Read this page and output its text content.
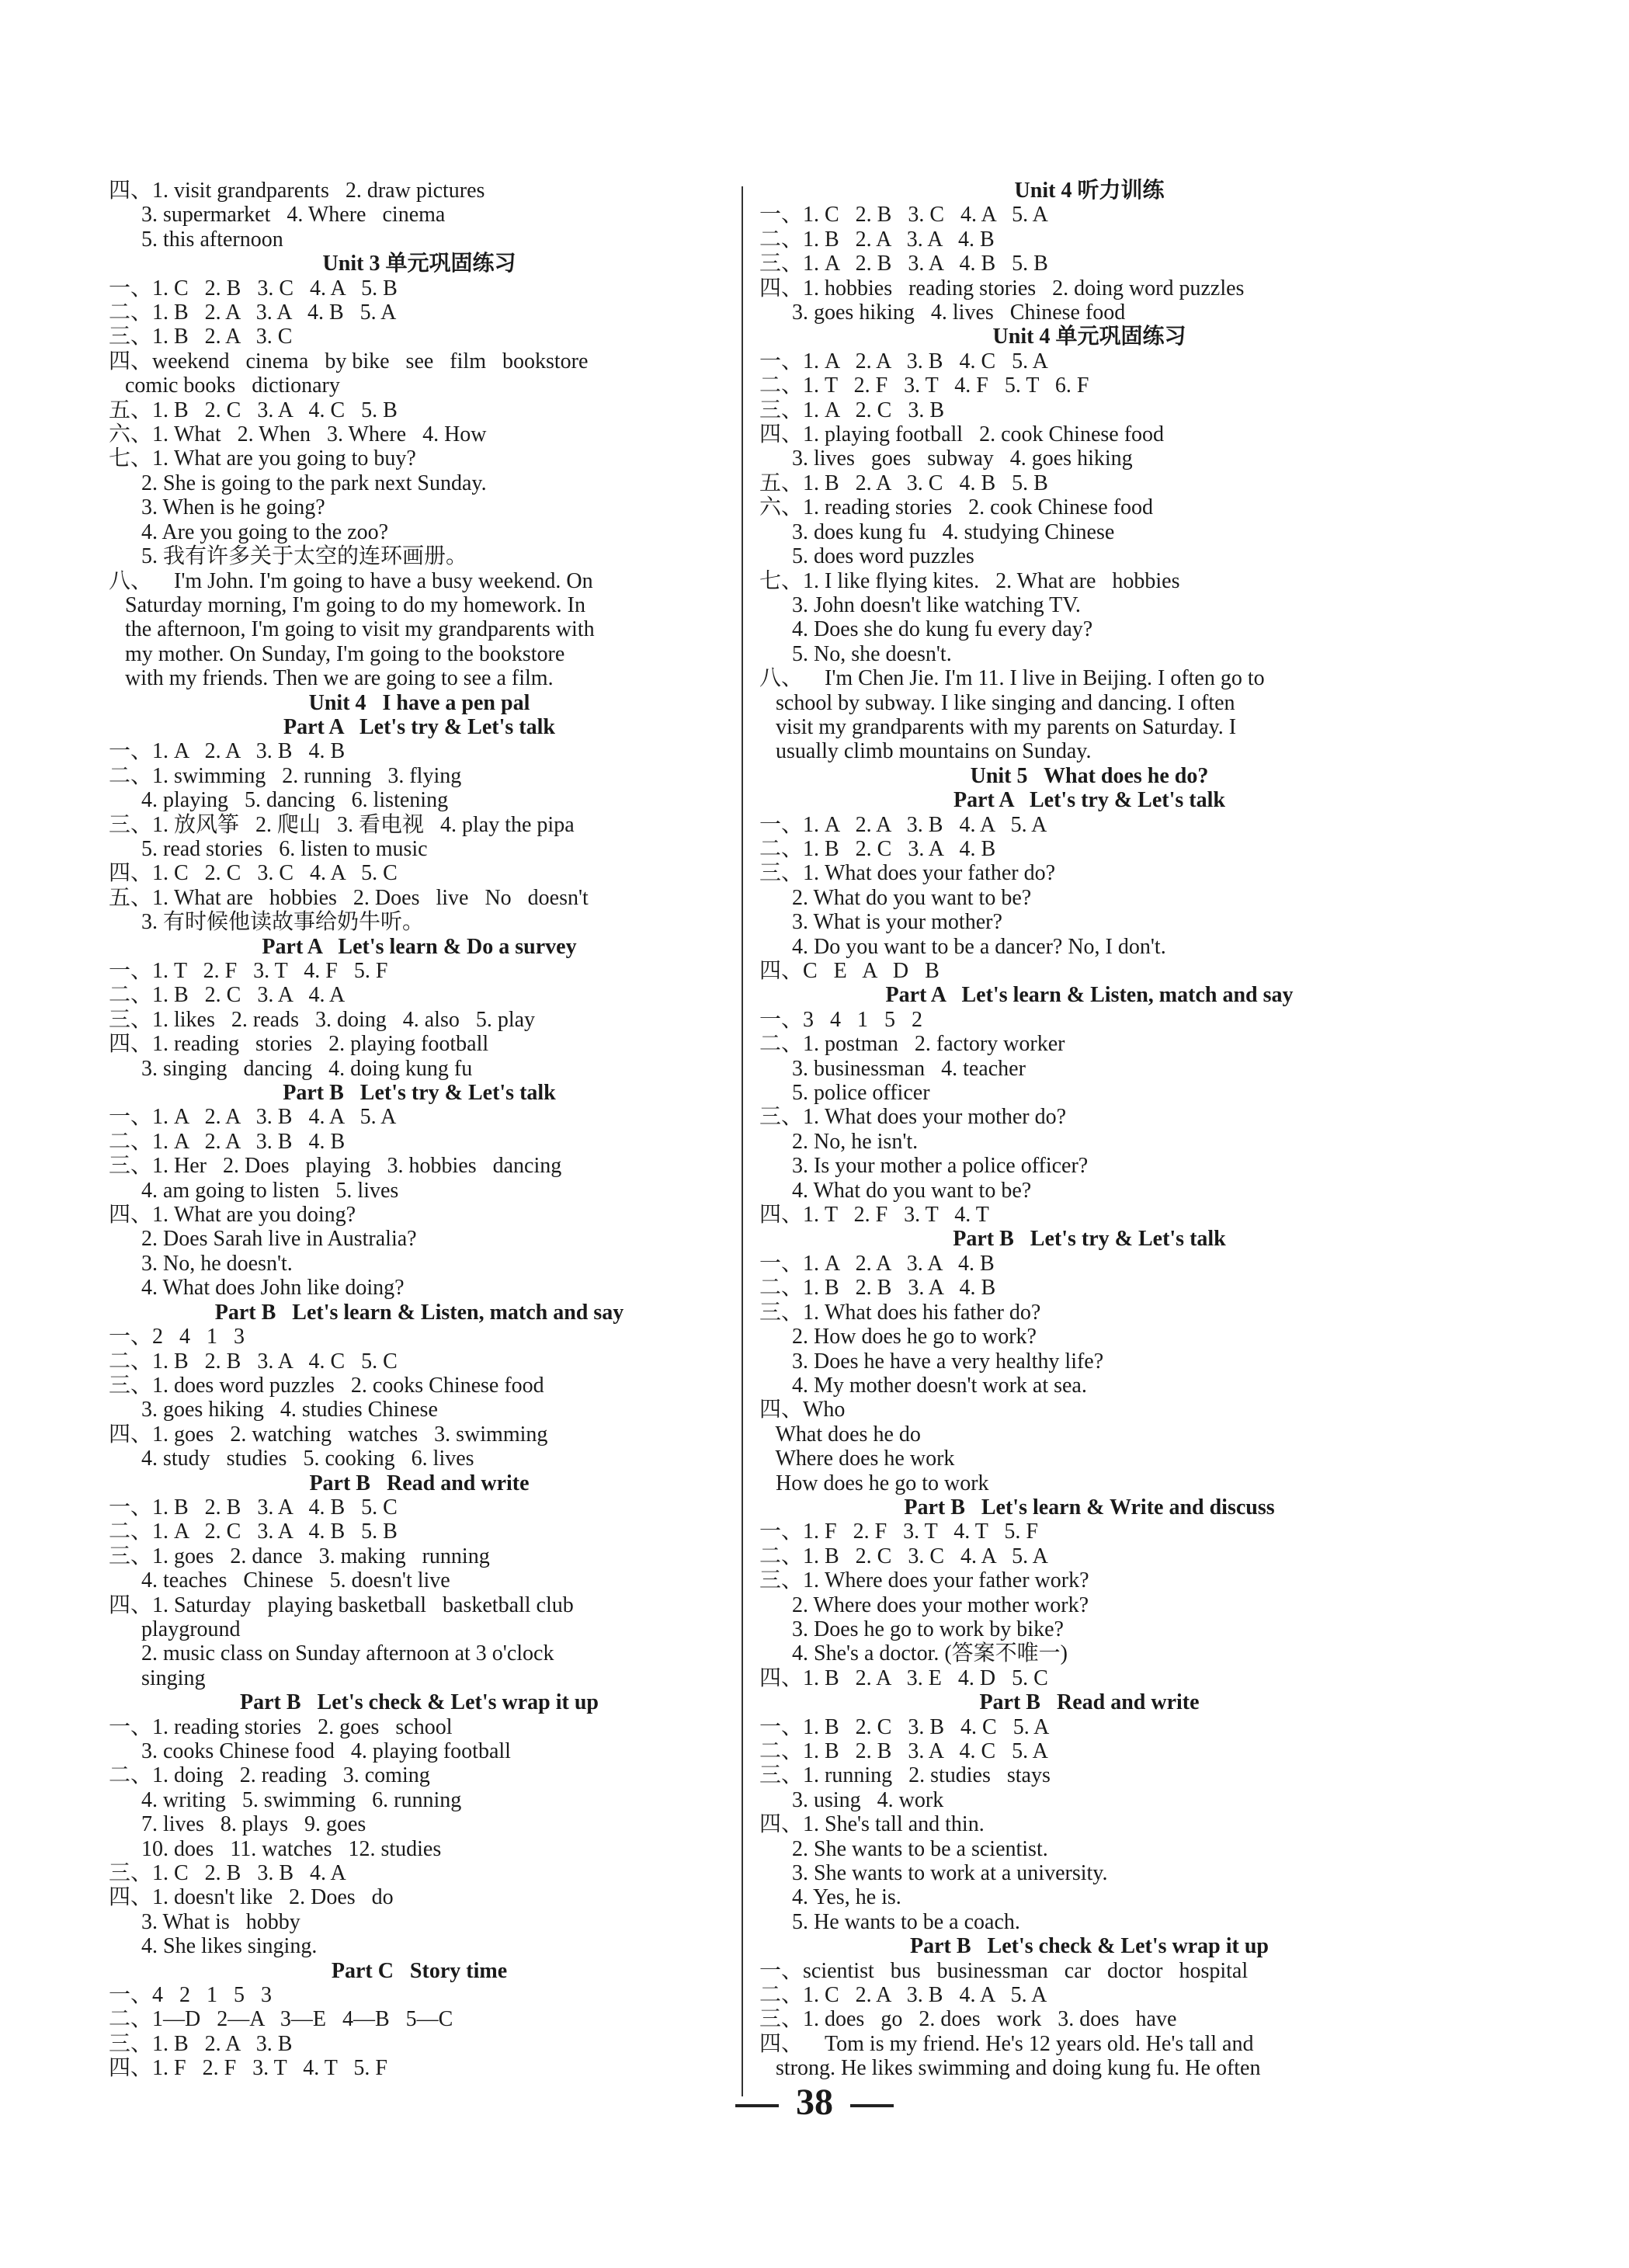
四、1. visit grandparents   2. draw pictures
3. supermarket   4. Where   cinema
5. this afternoon
Unit 3 单元巩固练习
一、1. C   2. B   3. C   4. A   5. B
二、1. B   2. A   3. A   4. B   5. A
三、1. B   2. A   3. C
四、weekend   cinema   by bike   see   film   bookstore
comic books   dictionary
五、1. B   2. C   3. A   4. C   5. B
六、1. What   2. When   3. Where   4. How
七、1. What are you going to buy?
2. She is going to the park next Sunday.
3. When is he going?
4. Are you going to the zoo?
5. 我有许多关于太空的连环画册。
八、    I'm John. I'm going to have a busy weekend. On
Saturday morning, I'm going to do my homework. In
the afternoon, I'm going to visit my grandparents with
my mother. On Sunday, I'm going to the bookstore
with my friends. Then we are going to see a film.
Unit 4   I have a pen pal
Part A   Let's try & Let's talk
一、1. A   2. A   3. B   4. B
二、1. swimming   2. running   3. flying
4. playing   5. dancing   6. listening
三、1. 放风筝   2. 爬山   3. 看电视   4. play the pipa
5. read stories   6. listen to music
四、1. C   2. C   3. C   4. A   5. C
五、1. What are   hobbies   2. Does   live   No   doesn't
3. 有时候他读故事给奶牛听。
Part A   Let's learn & Do a survey
一、1. T   2. F   3. T   4. F   5. F
二、1. B   2. C   3. A   4. A
三、1. likes   2. reads   3. doing   4. also   5. play
四、1. reading   stories   2. playing football
3. singing   dancing   4. doing kung fu
Part B   Let's try & Let's talk
一、1. A   2. A   3. B   4. A   5. A
二、1. A   2. A   3. B   4. B
三、1. Her   2. Does   playing   3. hobbies   dancing
4. am going to listen   5. lives
四、1. What are you doing?
2. Does Sarah live in Australia?
3. No, he doesn't.
4. What does John like doing?
Part B   Let's learn & Listen, match and say
一、2   4   1   3
二、1. B   2. B   3. A   4. C   5. C
三、1. does word puzzles   2. cooks Chinese food
3. goes hiking   4. studies Chinese
四、1. goes   2. watching   watches   3. swimming
4. study   studies   5. cooking   6. lives
Part B   Read and write
一、1. B   2. B   3. A   4. B   5. C
二、1. A   2. C   3. A   4. B   5. B
三、1. goes   2. dance   3. making   running
4. teaches   Chinese   5. doesn't live
四、1. Saturday   playing basketball   basketball club
playground
2. music class on Sunday afternoon at 3 o'clock
singing
Part B   Let's check & Let's wrap it up
一、1. reading stories   2. goes   school
3. cooks Chinese food   4. playing football
二、1. doing   2. reading   3. coming
4. writing   5. swimming   6. running
7. lives   8. plays   9. goes
10. does   11. watches   12. studies
三、1. C   2. B   3. B   4. A
四、1. doesn't like   2. Does   do
3. What is   hobby
4. She likes singing.
Part C   Story time
一、4   2   1   5   3
二、1—D   2—A   3—E   4—B   5—C
三、1. B   2. A   3. B
四、1. F   2. F   3. T   4. T   5. F
Unit 4 听力训练
一、1. C   2. B   3. C   4. A   5. A
二、1. B   2. A   3. A   4. B
三、1. A   2. B   3. A   4. B   5. B
四、1. hobbies   reading stories   2. doing word puzzles
3. goes hiking   4. lives   Chinese food
Unit 4 单元巩固练习
一、1. A   2. A   3. B   4. C   5. A
二、1. T   2. F   3. T   4. F   5. T   6. F
三、1. A   2. C   3. B
四、1. playing football   2. cook Chinese food
3. lives   goes   subway   4. goes hiking
五、1. B   2. A   3. C   4. B   5. B
六、1. reading stories   2. cook Chinese food
3. does kung fu   4. studying Chinese
5. does word puzzles
七、1. I like flying kites.   2. What are   hobbies
3. John doesn't like watching TV.
4. Does she do kung fu every day?
5. No, she doesn't.
八、    I'm Chen Jie. I'm 11. I live in Beijing. I often go to
school by subway. I like singing and dancing. I often
visit my grandparents with my parents on Saturday. I
usually climb mountains on Sunday.
Unit 5   What does he do?
Part A   Let's try & Let's talk
一、1. A   2. A   3. B   4. A   5. A
二、1. B   2. C   3. A   4. B
三、1. What does your father do?
2. What do you want to be?
3. What is your mother?
4. Do you want to be a dancer? No, I don't.
四、C   E   A   D   B
Part A   Let's learn & Listen, match and say
一、3   4   1   5   2
二、1. postman   2. factory worker
3. businessman   4. teacher
5. police officer
三、1. What does your mother do?
2. No, he isn't.
3. Is your mother a police officer?
4. What do you want to be?
四、1. T   2. F   3. T   4. T
Part B   Let's try & Let's talk
一、1. A   2. A   3. A   4. B
二、1. B   2. B   3. A   4. B
三、1. What does his father do?
2. How does he go to work?
3. Does he have a very healthy life?
4. My mother doesn't work at sea.
四、Who
What does he do
Where does he work
How does he go to work
Part B   Let's learn & Write and discuss
一、1. F   2. F   3. T   4. T   5. F
二、1. B   2. C   3. C   4. A   5. A
三、1. Where does your father work?
2. Where does your mother work?
3. Does he go to work by bike?
4. She's a doctor. (答案不唯一)
四、1. B   2. A   3. E   4. D   5. C
Part B   Read and write
一、1. B   2. C   3. B   4. C   5. A
二、1. B   2. B   3. A   4. C   5. A
三、1. running   2. studies   stays
3. using   4. work
四、1. She's tall and thin.
2. She wants to be a scientist.
3. She wants to work at a university.
4. Yes, he is.
5. He wants to be a coach.
Part B   Let's check & Let's wrap it up
一、scientist   bus   businessman   car   doctor   hospital
二、1. C   2. A   3. B   4. A   5. A
三、1. does   go   2. does   work   3. does   have
四、    Tom is my friend. He's 12 years old. He's tall and
strong. He likes swimming and doing kung fu. He often
38
